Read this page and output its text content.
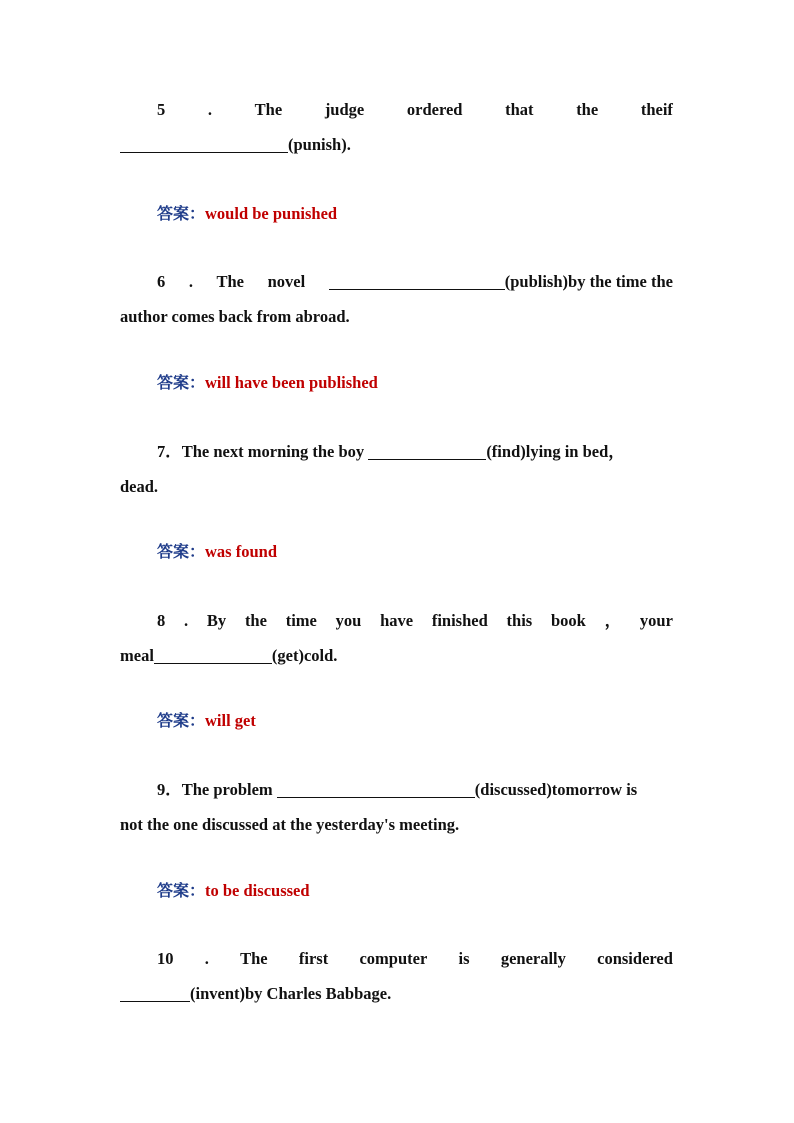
5	.	The	judge	ordered	that	the	theif
(punish).
答案：would be punished
6 . The novel	(publish)by the time the
author comes back from abroad.
答案：will have been published
7．The next morning the boy	(find)lying in bed，
dead.
答案：was found
8 . By the time you have finished this book ， your
meal	(get)cold.
答案：will get
9．The problem	(discussed)tomorrow is
not the one discussed at the yesterday's meeting.
答案：to be discussed
10 . The first computer is generally considered
(invent)by Charles Babbage.
